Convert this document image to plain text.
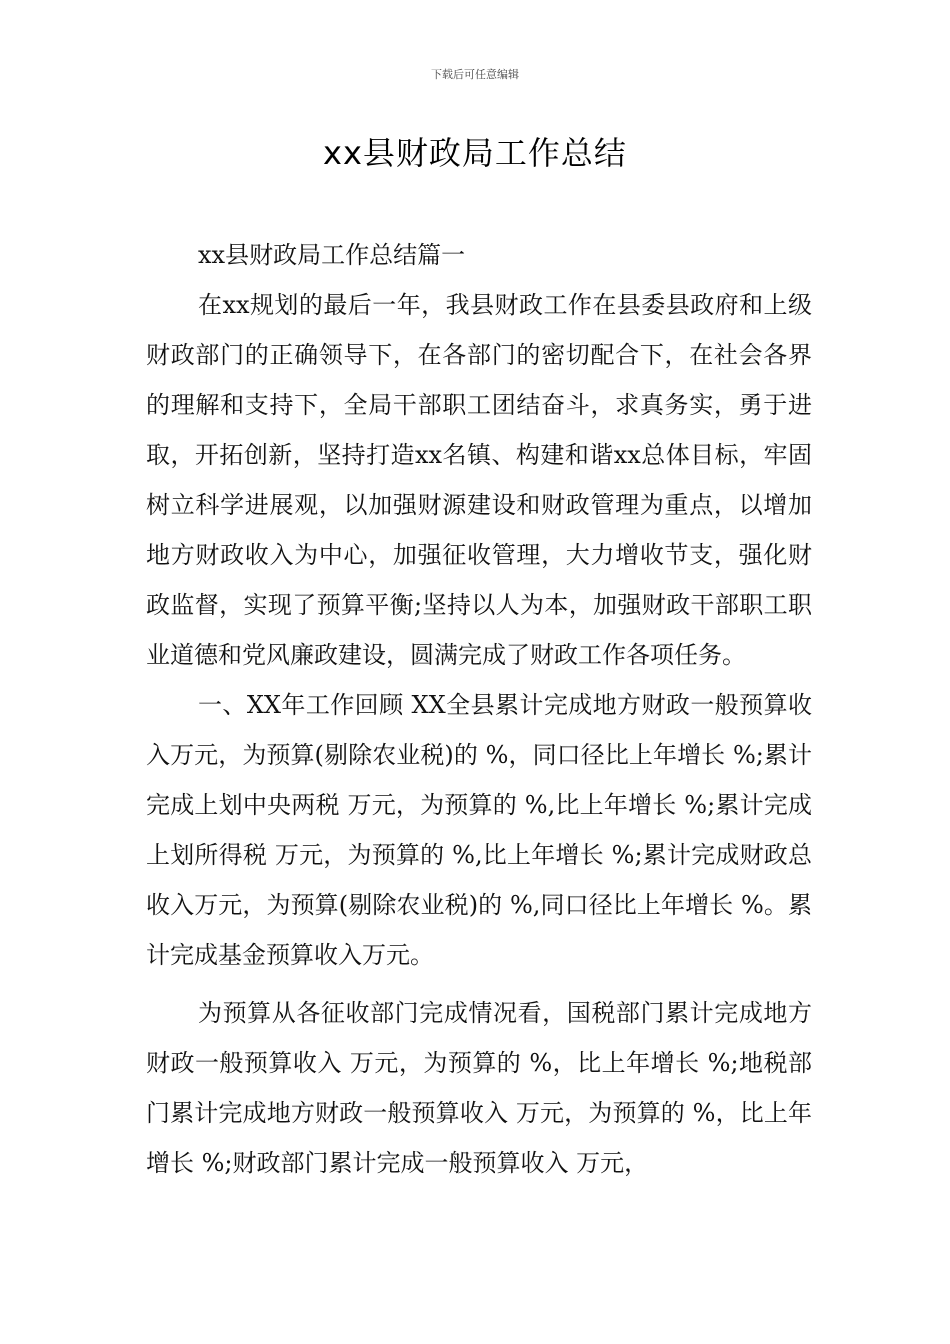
下载后可任意编辑
xx县财政局工作总结

xx县财政局工作总结篇一

在xx规划的最后一年，我县财政工作在县委县政府和上级财政部门的正确领导下，在各部门的密切配合下，在社会各界的理解和支持下，全局干部职工团结奋斗，求真务实，勇于进取，开拓创新，坚持打造xx名镇、构建和谐xx总体目标，牢固树立科学进展观，以加强财源建设和财政管理为重点，以增加地方财政收入为中心，加强征收管理，大力增收节支，强化财政监督，实现了预算平衡;坚持以人为本，加强财政干部职工职业道德和党风廉政建设，圆满完成了财政工作各项任务。

一、XX年工作回顾 XX全县累计完成地方财政一般预算收入万元，为预算(剔除农业税)的 %，同口径比上年增长 %;累计完成上划中央两税 万元，为预算的 %,比上年增长 %;累计完成上划所得税 万元，为预算的 %,比上年增长 %;累计完成财政总收入万元，为预算(剔除农业税)的 %,同口径比上年增长 %。累计完成基金预算收入万元。

为预算从各征收部门完成情况看，国税部门累计完成地方财政一般预算收入 万元，为预算的 %，比上年增长 %;地税部门累计完成地方财政一般预算收入 万元，为预算的 %，比上年增长 %;财政部门累计完成一般预算收入 万元，
